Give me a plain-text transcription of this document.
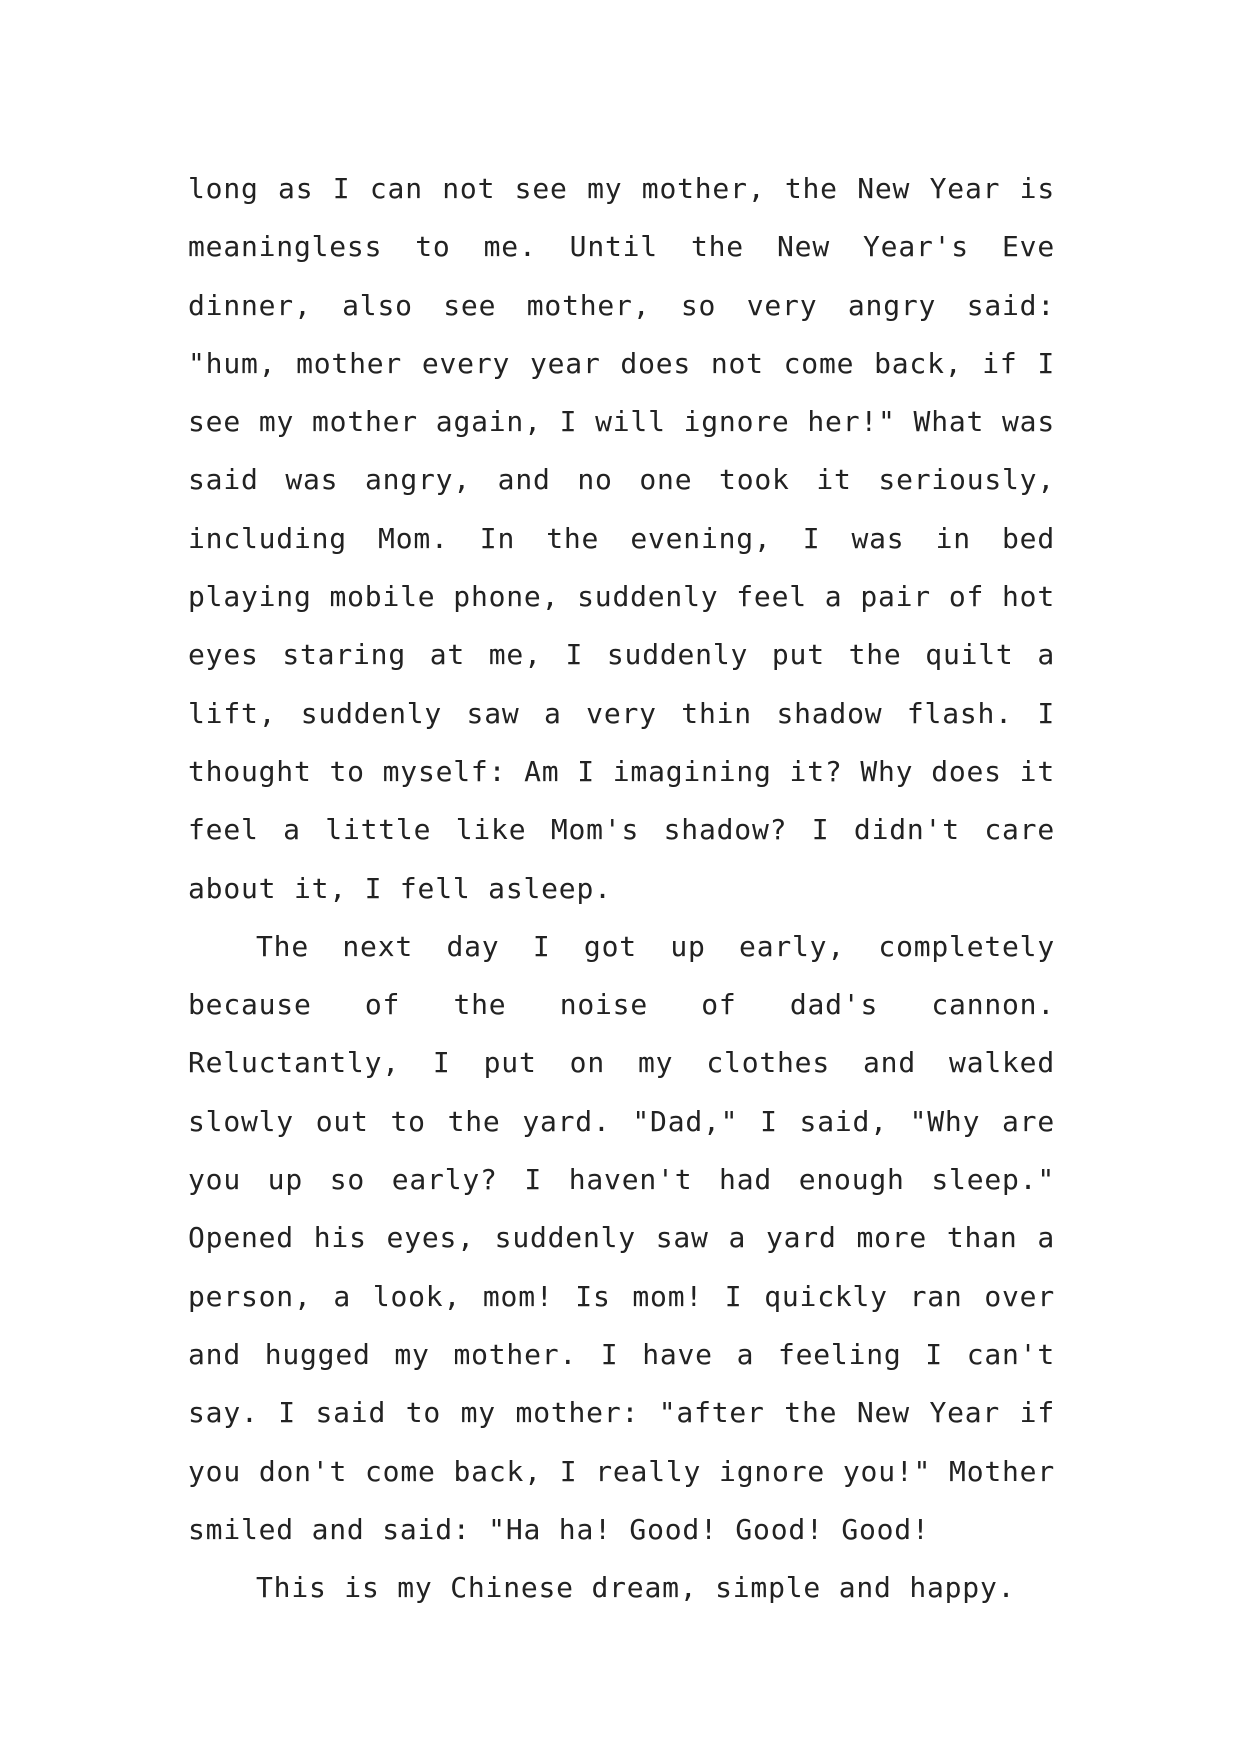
long as I can not see my mother, the New Year is meaningless to me. Until the New Year's Eve dinner, also see mother, so very angry said: "hum, mother every year does not come back, if I see my mother again, I will ignore her!" What was said was angry, and no one took it seriously, including Mom. In the evening, I was in bed playing mobile phone, suddenly feel a pair of hot eyes staring at me, I suddenly put the quilt a lift, suddenly saw a very thin shadow flash. I thought to myself: Am I imagining it? Why does it feel a little like Mom's shadow? I didn't care about it, I fell asleep.

The next day I got up early, completely because of the noise of dad's cannon. Reluctantly, I put on my clothes and walked slowly out to the yard. "Dad," I said, "Why are you up so early? I haven't had enough sleep." Opened his eyes, suddenly saw a yard more than a person, a look, mom! Is mom! I quickly ran over and hugged my mother. I have a feeling I can't say. I said to my mother: "after the New Year if you don't come back, I really ignore you!" Mother smiled and said: "Ha ha! Good! Good! Good!

This is my Chinese dream, simple and happy.
